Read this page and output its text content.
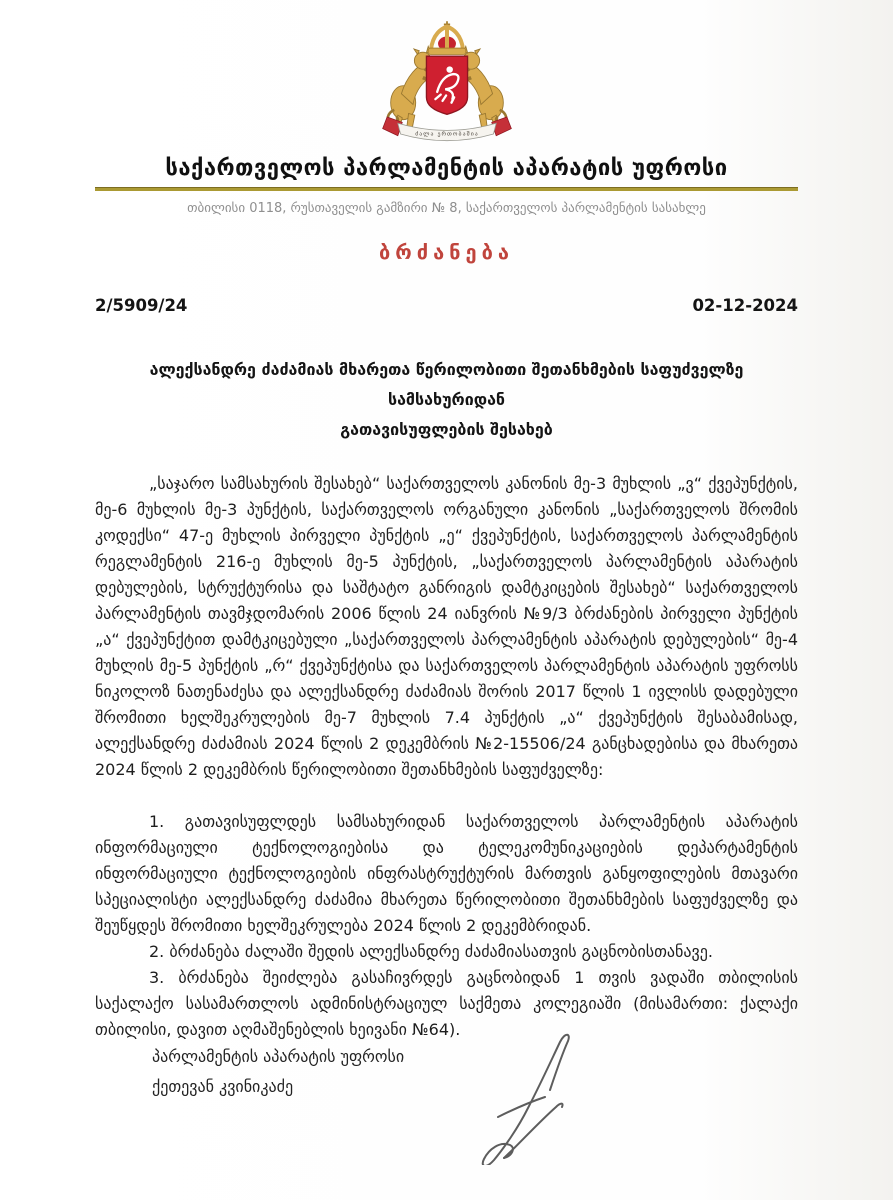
ძალა ერთობაშია
საქართველოს პარლამენტის აპარატის უფროსი
თბილისი 0118, რუსთაველის გამზირი № 8, საქართველოს პარლამენტის სასახლე
ბრძანება
2/5909/24	02-12-2024
ალექსანდრე ძაძამიას მხარეთა წერილობითი შეთანხმების საფუძველზე სამსახურიდან
გათავისუფლების შესახებ

„საჯარო სამსახურის შესახებ“ საქართველოს კანონის მე-3 მუხლის „ვ“ ქვეპუნქტის, მე-6 მუხლის მე-3 პუნქტის, საქართველოს ორგანული კანონის „საქართველოს შრომის კოდექსი“ 47-ე მუხლის პირველი პუნქტის „ე“ ქვეპუნქტის, საქართველოს პარლამენტის რეგლამენტის 216-ე მუხლის მე-5 პუნქტის, „საქართველოს პარლამენტის აპარატის დებულების, სტრუქტურისა და საშტატო განრიგის დამტკიცების შესახებ“ საქართველოს პარლამენტის თავმჯდომარის 2006 წლის 24 იანვრის №9/3 ბრძანების პირველი პუნქტის „ა“ ქვეპუნქტით დამტკიცებული „საქართველოს პარლამენტის აპარატის დებულების“ მე-4 მუხლის მე-5 პუნქტის „რ“ ქვეპუნქტისა და საქართველოს პარლამენტის აპარატის უფროსს ნიკოლოზ ნათენაძესა და ალექსანდრე ძაძამიას შორის 2017 წლის 1 ივლისს დადებული შრომითი ხელშეკრულების მე-7 მუხლის 7.4 პუნქტის „ა“ ქვეპუნქტის შესაბამისად, ალექსანდრე ძაძამიას 2024 წლის 2 დეკემბრის №2-15506/24 განცხადებისა და მხარეთა 2024 წლის 2 დეკემბრის წერილობითი შეთანხმების საფუძველზე:

1. გათავისუფლდეს სამსახურიდან საქართველოს პარლამენტის აპარატის ინფორმაციული ტექნოლოგიებისა და ტელეკომუნიკაციების დეპარტამენტის ინფორმაციული ტექნოლოგიების ინფრასტრუქტურის მართვის განყოფილების მთავარი სპეციალისტი ალექსანდრე ძაძამია მხარეთა წერილობითი შეთანხმების საფუძველზე და შეუწყდეს შრომითი ხელშეკრულება 2024 წლის 2 დეკემბრიდან.

2. ბრძანება ძალაში შედის ალექსანდრე ძაძამიასათვის გაცნობისთანავე.

3. ბრძანება შეიძლება გასაჩივრდეს გაცნობიდან 1 თვის ვადაში თბილისის საქალაქო სასამართლოს ადმინისტრაციულ საქმეთა კოლეგიაში (მისამართი: ქალაქი თბილისი, დავით აღმაშენებლის ხეივანი №64).

პარლამენტის აპარატის უფროსი
ქეთევან კვინიკაძე
